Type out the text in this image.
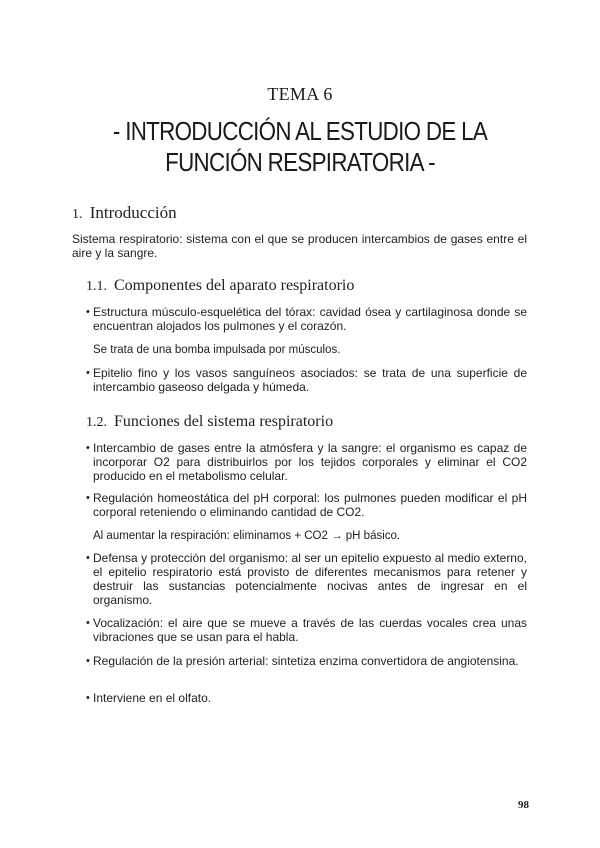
TEMA 6
- INTRODUCCIÓN AL ESTUDIO DE LA FUNCIÓN RESPIRATORIA -
1. Introducción
Sistema respiratorio: sistema con el que se producen intercambios de gases entre el aire y la sangre.
1.1. Componentes del aparato respiratorio
• Estructura músculo-esquelética del tórax: cavidad ósea y cartilaginosa donde se encuentran alojados los pulmones y el corazón.
Se trata de una bomba impulsada por músculos.
• Epitelio fino y los vasos sanguíneos asociados: se trata de una superficie de intercambio gaseoso delgada y húmeda.
1.2. Funciones del sistema respiratorio
• Intercambio de gases entre la atmósfera y la sangre: el organismo es capaz de incorporar O2 para distribuirlos por los tejidos corporales y eliminar el CO2 producido en el metabolismo celular.
• Regulación homeostática del pH corporal: los pulmones pueden modificar el pH corporal reteniendo o eliminando cantidad de CO2.
Al aumentar la respiración: eliminamos + CO2 → pH básico.
• Defensa y protección del organismo: al ser un epitelio expuesto al medio externo, el epitelio respiratorio está provisto de diferentes mecanismos para retener y destruir las sustancias potencialmente nocivas antes de ingresar en el organismo.
• Vocalización: el aire que se mueve a través de las cuerdas vocales crea unas vibraciones que se usan para el habla.
• Regulación de la presión arterial: sintetiza enzima convertidora de angiotensina.
• Interviene en el olfato.
98
